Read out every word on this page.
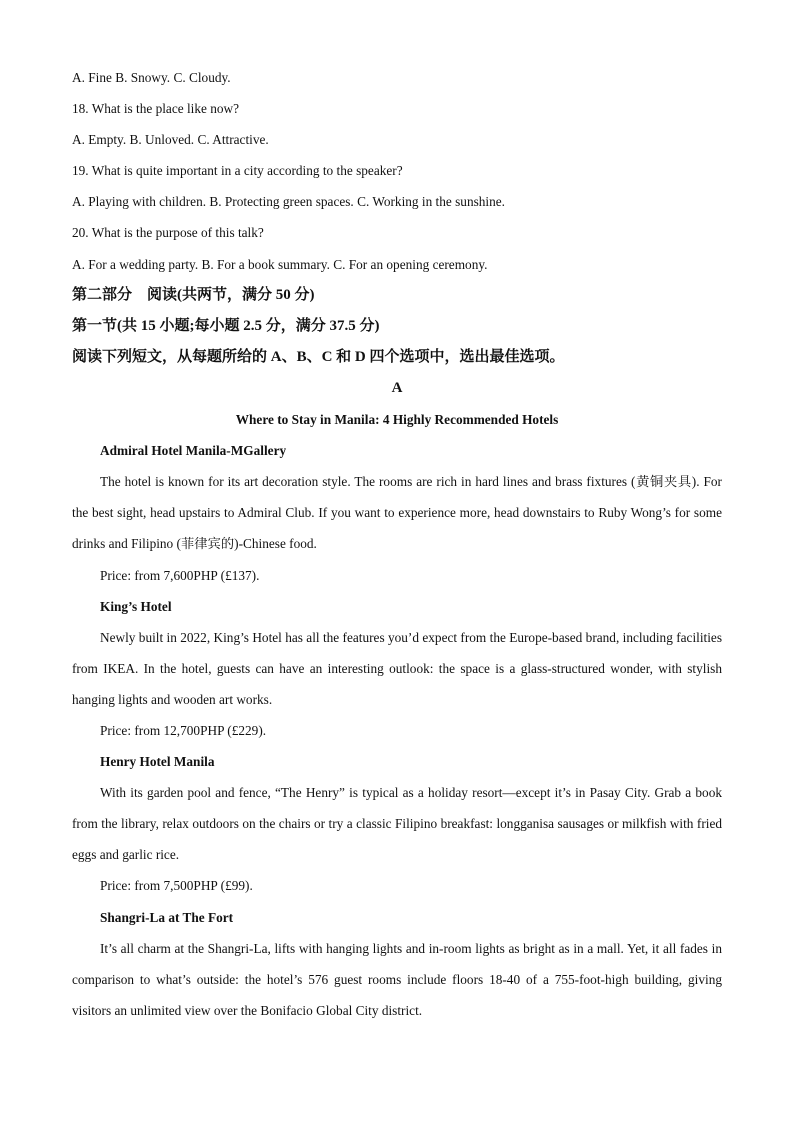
A. Fine B. Snowy. C. Cloudy.

18. What is the place like now?

A. Empty. B. Unloved. C. Attractive.

19. What is quite important in a city according to the speaker?

A. Playing with children. B. Protecting green spaces. C. Working in the sunshine.

20. What is the purpose of this talk?

A. For a wedding party. B. For a book summary. C. For an opening ceremony.

第二部分　阅读(共两节，满分 50 分)

第一节(共 15 小题;每小题 2.5 分，满分 37.5 分)

阅读下列短文，从每题所给的 A、B、C 和 D 四个选项中，选出最佳选项。

A

Where to Stay in Manila: 4 Highly Recommended Hotels

Admiral Hotel Manila-MGallery

The hotel is known for its art decoration style. The rooms are rich in hard lines and brass fixtures (黄铜夹具). For the best sight, head upstairs to Admiral Club. If you want to experience more, head downstairs to Ruby Wong’s for some drinks and Filipino (菲律宾的)-Chinese food.

Price: from 7,600PHP (£137).

King’s Hotel

Newly built in 2022, King’s Hotel has all the features you’d expect from the Europe-based brand, including facilities from IKEA. In the hotel, guests can have an interesting outlook: the space is a glass-structured wonder, with stylish hanging lights and wooden art works.

Price: from 12,700PHP (£229).

Henry Hotel Manila

With its garden pool and fence, “The Henry” is typical as a holiday resort—except it’s in Pasay City. Grab a book from the library, relax outdoors on the chairs or try a classic Filipino breakfast: longganisa sausages or milkfish with fried eggs and garlic rice.

Price: from 7,500PHP (£99).

Shangri-La at The Fort

It’s all charm at the Shangri-La, lifts with hanging lights and in-room lights as bright as in a mall. Yet, it all fades in comparison to what’s outside: the hotel’s 576 guest rooms include floors 18-40 of a 755-foot-high building, giving visitors an unlimited view over the Bonifacio Global City district.
